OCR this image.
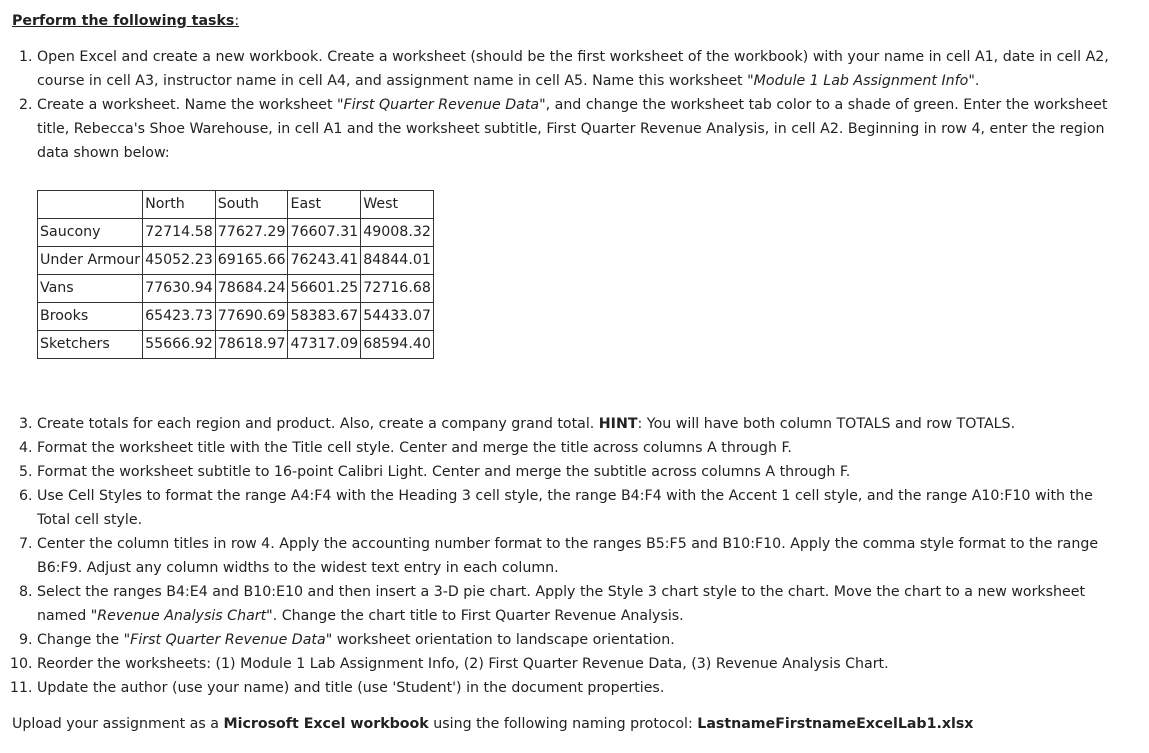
Perform the following tasks:

1. Open Excel and create a new workbook. Create a worksheet (should be the first worksheet of the workbook) with your name in cell A1, date in cell A2, course in cell A3, instructor name in cell A4, and assignment name in cell A5. Name this worksheet "Module 1 Lab Assignment Info".
2. Create a worksheet. Name the worksheet "First Quarter Revenue Data", and change the worksheet tab color to a shade of green. Enter the worksheet title, Rebecca's Shoe Warehouse, in cell A1 and the worksheet subtitle, First Quarter Revenue Analysis, in cell A2. Beginning in row 4, enter the region data shown below:
	North	South	East	West
Saucony	72714.58	77627.29	76607.31	49008.32
Under Armour	45052.23	69165.66	76243.41	84844.01
Vans	77630.94	78684.24	56601.25	72716.68
Brooks	65423.73	77690.69	58383.67	54433.07
Sketchers	55666.92	78618.97	47317.09	68594.40
3. Create totals for each region and product. Also, create a company grand total. HINT: You will have both column TOTALS and row TOTALS.
4. Format the worksheet title with the Title cell style. Center and merge the title across columns A through F.
5. Format the worksheet subtitle to 16-point Calibri Light. Center and merge the subtitle across columns A through F.
6. Use Cell Styles to format the range A4:F4 with the Heading 3 cell style, the range B4:F4 with the Accent 1 cell style, and the range A10:F10 with the Total cell style.
7. Center the column titles in row 4. Apply the accounting number format to the ranges B5:F5 and B10:F10. Apply the comma style format to the range B6:F9. Adjust any column widths to the widest text entry in each column.
8. Select the ranges B4:E4 and B10:E10 and then insert a 3-D pie chart. Apply the Style 3 chart style to the chart. Move the chart to a new worksheet named "Revenue Analysis Chart". Change the chart title to First Quarter Revenue Analysis.
9. Change the "First Quarter Revenue Data" worksheet orientation to landscape orientation.
10. Reorder the worksheets: (1) Module 1 Lab Assignment Info, (2) First Quarter Revenue Data, (3) Revenue Analysis Chart.
11. Update the author (use your name) and title (use 'Student') in the document properties.

Upload your assignment as a Microsoft Excel workbook using the following naming protocol: LastnameFirstnameExcelLab1.xlsx
